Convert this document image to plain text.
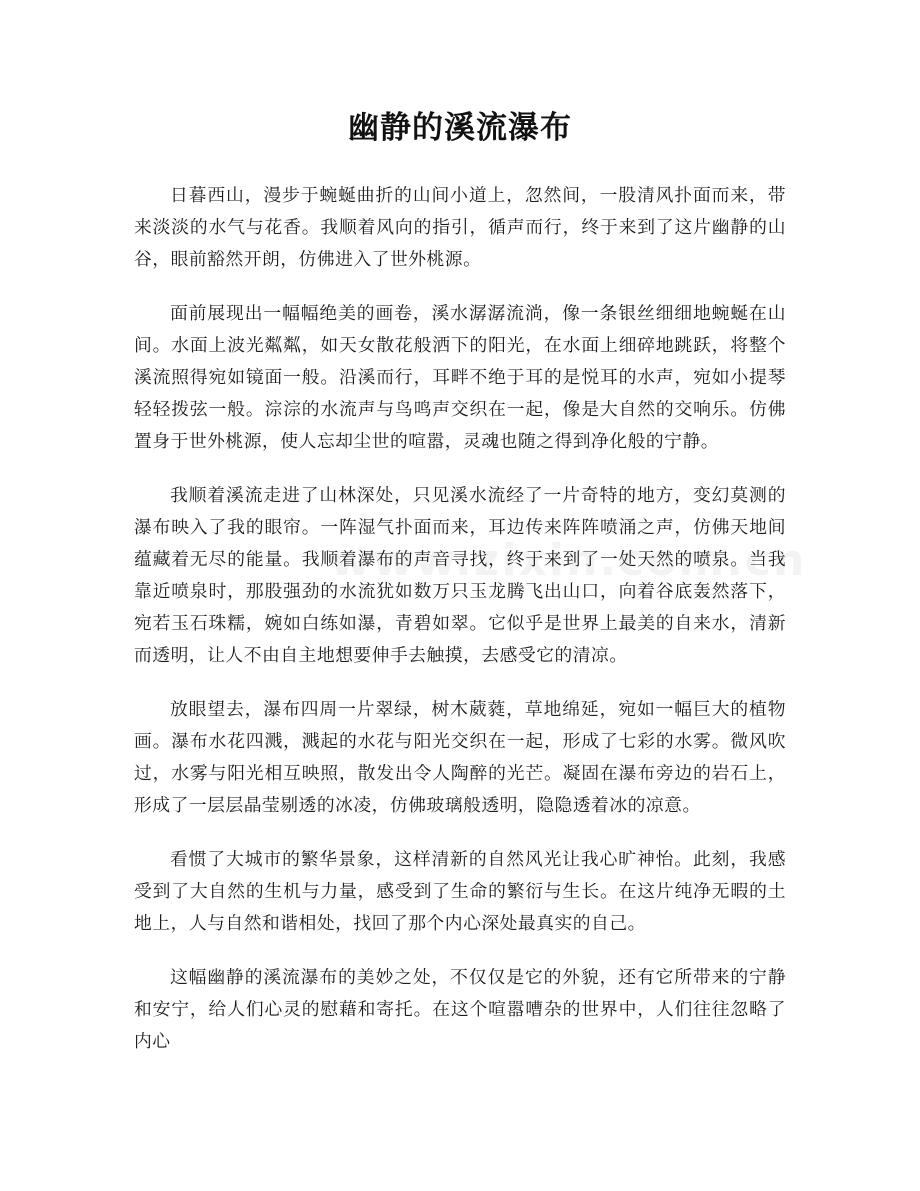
幽静的溪流瀑布

日暮西山，漫步于蜿蜒曲折的山间小道上，忽然间，一股清风扑面而来，带来淡淡的水气与花香。我顺着风向的指引，循声而行，终于来到了这片幽静的山谷，眼前豁然开朗，仿佛进入了世外桃源。

面前展现出一幅幅绝美的画卷，溪水潺潺流淌，像一条银丝细细地蜿蜒在山间。水面上波光粼粼，如天女散花般洒下的阳光，在水面上细碎地跳跃，将整个溪流照得宛如镜面一般。沿溪而行，耳畔不绝于耳的是悦耳的水声，宛如小提琴轻轻拨弦一般。淙淙的水流声与鸟鸣声交织在一起，像是大自然的交响乐。仿佛置身于世外桃源，使人忘却尘世的喧嚣，灵魂也随之得到净化般的宁静。

我顺着溪流走进了山林深处，只见溪水流经了一片奇特的地方，变幻莫测的瀑布映入了我的眼帘。一阵湿气扑面而来，耳边传来阵阵喷涌之声，仿佛天地间蕴藏着无尽的能量。我顺着瀑布的声音寻找，终于来到了一处天然的喷泉。当我靠近喷泉时，那股强劲的水流犹如数万只玉龙腾飞出山口，向着谷底轰然落下，宛若玉石珠糯，婉如白练如瀑，青碧如翠。它似乎是世界上最美的自来水，清新而透明，让人不由自主地想要伸手去触摸，去感受它的清凉。

放眼望去，瀑布四周一片翠绿，树木葳蕤，草地绵延，宛如一幅巨大的植物画。瀑布水花四溅，溅起的水花与阳光交织在一起，形成了七彩的水雾。微风吹过，水雾与阳光相互映照，散发出令人陶醉的光芒。凝固在瀑布旁边的岩石上，形成了一层层晶莹剔透的冰凌，仿佛玻璃般透明，隐隐透着冰的凉意。

看惯了大城市的繁华景象，这样清新的自然风光让我心旷神怡。此刻，我感受到了大自然的生机与力量，感受到了生命的繁衍与生长。在这片纯净无暇的土地上，人与自然和谐相处，找回了那个内心深处最真实的自己。

这幅幽静的溪流瀑布的美妙之处，不仅仅是它的外貌，还有它所带来的宁静和安宁，给人们心灵的慰藉和寄托。在这个喧嚣嘈杂的世界中，人们往往忽略了内心
